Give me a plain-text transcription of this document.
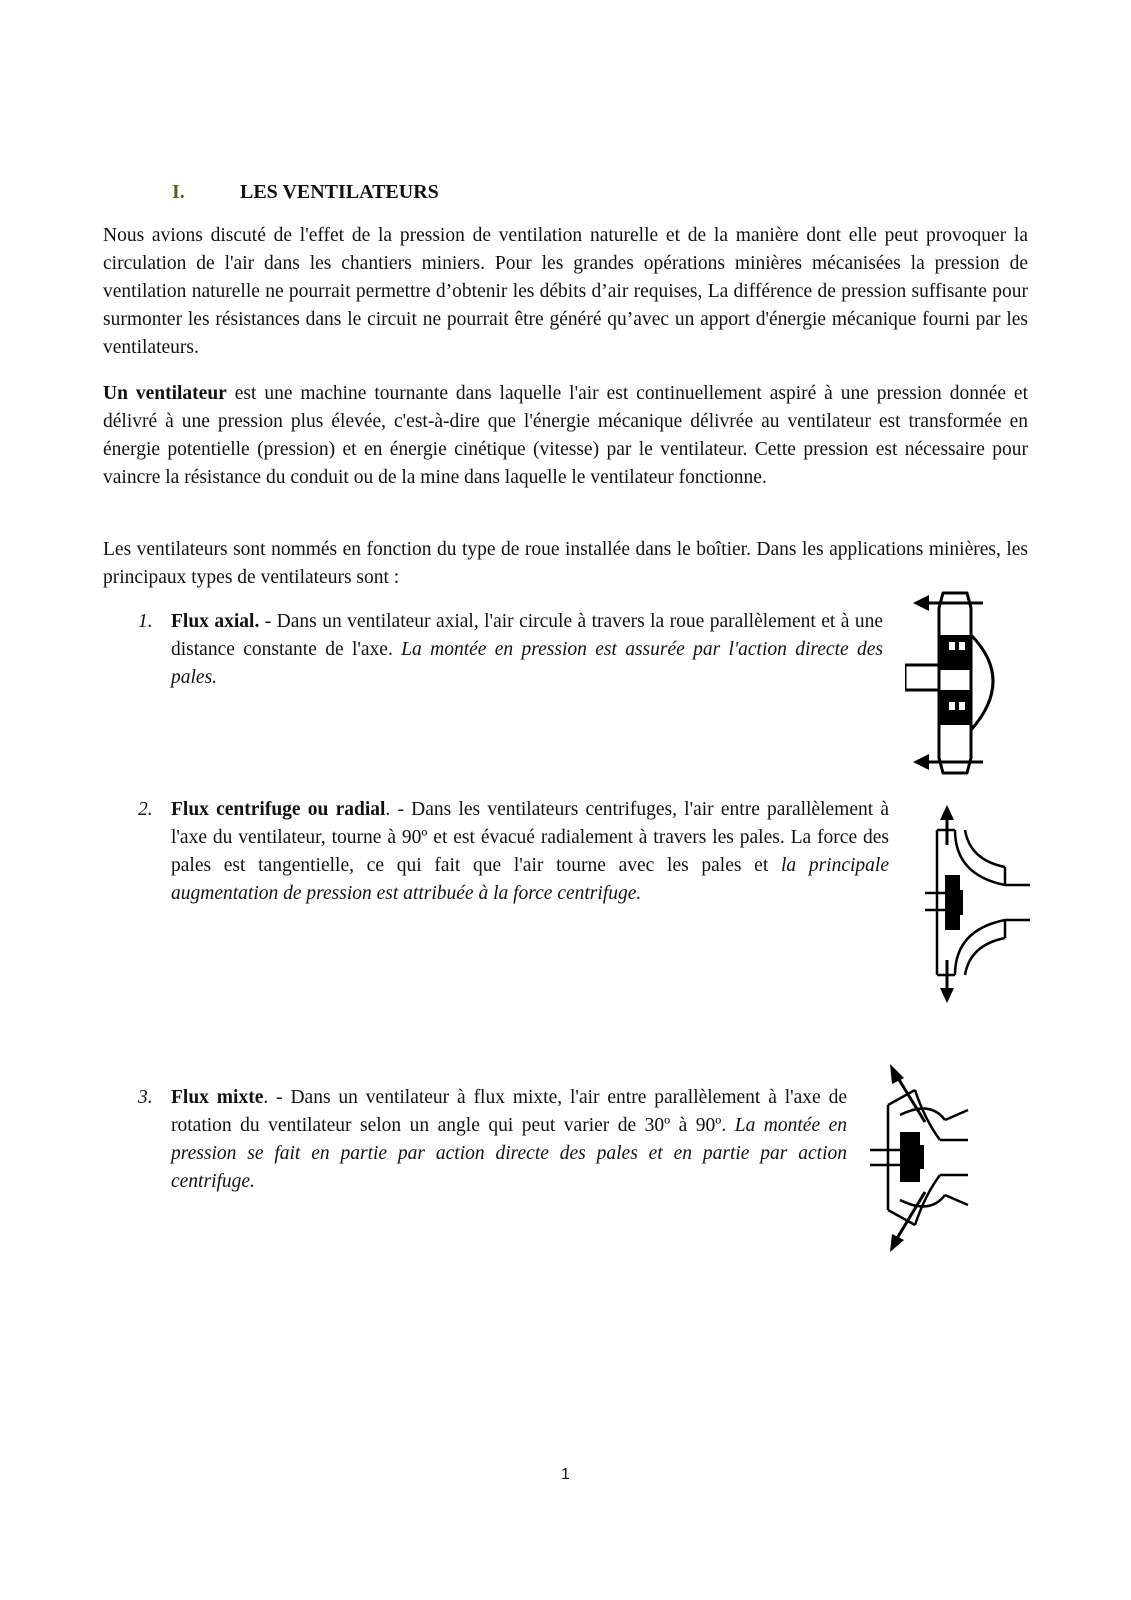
I.	LES VENTILATEURS

Nous avions discuté de l'effet de la pression de ventilation naturelle et de la manière dont elle peut provoquer la circulation de l'air dans les chantiers miniers. Pour les grandes opérations minières mécanisées la pression de ventilation naturelle ne pourrait permettre d’obtenir les débits d’air requises, La différence de pression suffisante pour surmonter les résistances dans le circuit ne pourrait être généré qu’avec un apport d'énergie mécanique fourni par les ventilateurs.

Un ventilateur est une machine tournante dans laquelle l'air est continuellement aspiré à une pression donnée et délivré à une pression plus élevée, c'est-à-dire que l'énergie mécanique délivrée au ventilateur est transformée en énergie potentielle (pression) et en énergie cinétique (vitesse) par le ventilateur. Cette pression est nécessaire pour vaincre la résistance du conduit ou de la mine dans laquelle le ventilateur fonctionne.

Les ventilateurs sont nommés en fonction du type de roue installée dans le boîtier. Dans les applications minières, les principaux types de ventilateurs sont :

1. Flux axial. - Dans un ventilateur axial, l'air circule à travers la roue parallèlement et à une distance constante de l'axe. La montée en pression est assurée par l'action directe des pales.
2. Flux centrifuge ou radial. - Dans les ventilateurs centrifuges, l'air entre parallèlement à l'axe du ventilateur, tourne à 90º et est évacué radialement à travers les pales. La force des pales est tangentielle, ce qui fait que l'air tourne avec les pales et la principale augmentation de pression est attribuée à la force centrifuge.
3. Flux mixte. - Dans un ventilateur à flux mixte, l'air entre parallèlement à l'axe de rotation du ventilateur selon un angle qui peut varier de 30º à 90º. La montée en pression se fait en partie par action directe des pales et en partie par action centrifuge.
1
